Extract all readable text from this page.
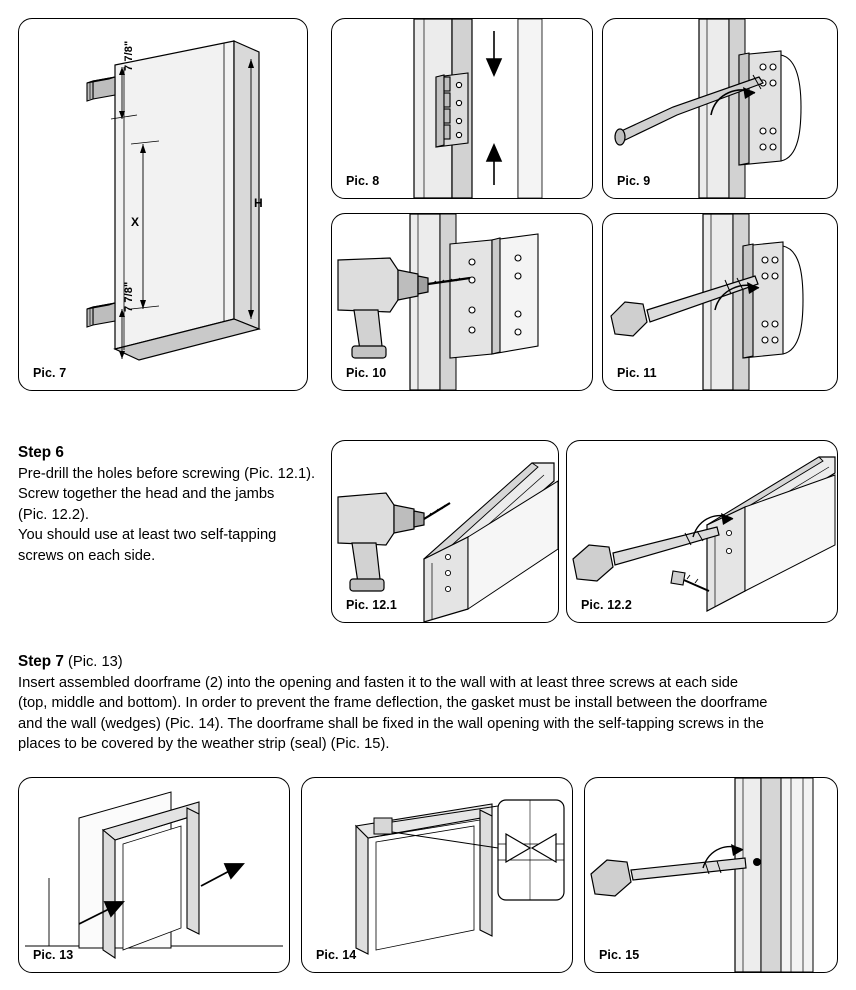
7 7/8"
X
7 7/8"
H
Pic. 7
Pic. 8	Pic. 9
Pic. 10	Pic. 11
Step 6
Pre-drill the holes before screwing (Pic. 12.1).
Screw together the head and the jambs
(Pic. 12.2).
You should use at least two self-tapping
screws on each side.
Pic. 12.1	Pic. 12.2
Step 7 (Pic. 13)
Insert assembled doorframe (2) into the opening and fasten it to the wall with at least three screws at each side
(top, middle and bottom). In order to prevent the frame deflection, the gasket must be install between the doorframe
and the wall (wedges) (Pic. 14). The doorframe shall be fixed in the wall opening with the self-tapping screws in the
places to be covered by the weather strip (seal) (Pic. 15).
Pic. 13	Pic. 14	Pic. 15
